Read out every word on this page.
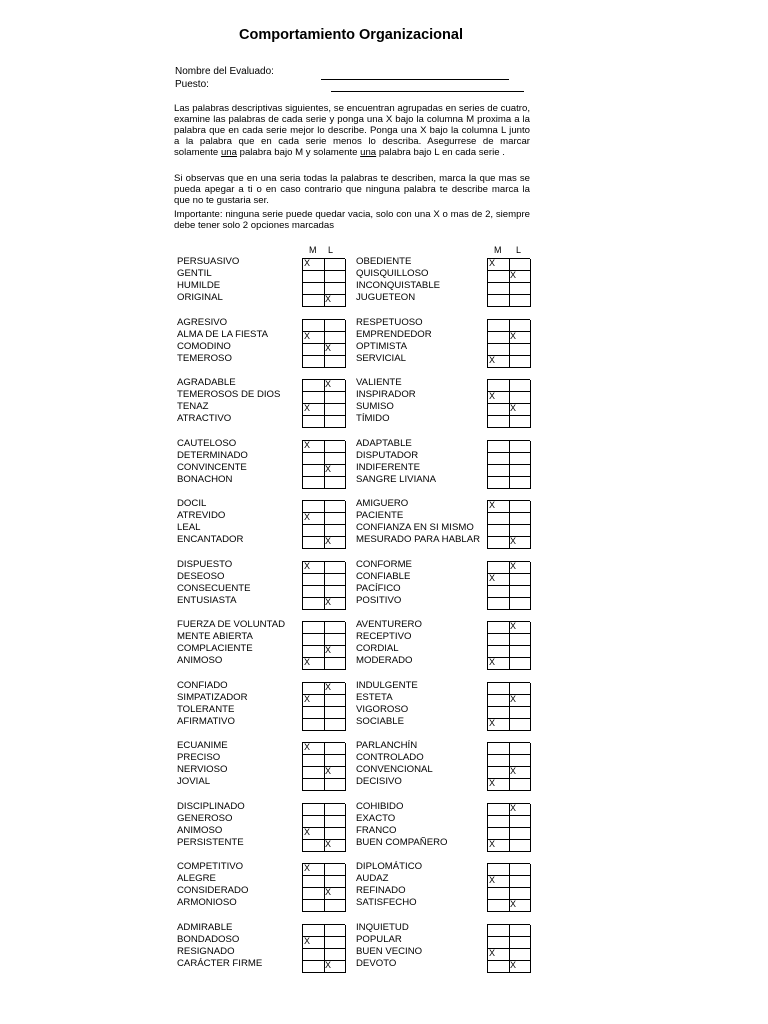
Comportamiento Organizacional
Nombre del Evaluado:
Puesto:

Las palabras descriptivas siguientes, se encuentran agrupadas en series de cuatro, examine las palabras de cada serie y ponga una X bajo la columna M proxima a la palabra que en cada serie mejor lo describe. Ponga una X bajo la columna L junto a la palabra que en cada serie menos lo describa. Asegurrese de marcar solamente una palabra bajo M y solamente una palabra bajo L en cada serie .

Si observas que en una seria todas la palabras te describen, marca la que mas se pueda apegar a ti o en caso contrario que ninguna palabra te describe marca la que no te gustaria ser.

Importante: ninguna serie puede quedar vacia, solo con una X o mas de 2, siempre debe tener solo 2 opciones marcadas

M L	M L
PERSUASIVO
GENTIL
HUMILDE
ORIGINAL
X
X
OBEDIENTE
QUISQUILLOSO
INCONQUISTABLE
JUGUETEON
X
X
AGRESIVO
ALMA DE LA FIESTA
COMODINO
TEMEROSO
X
X
RESPETUOSO
EMPRENDEDOR
OPTIMISTA
SERVICIAL
X
X
AGRADABLE
TEMEROSOS DE DIOS
TENAZ
ATRACTIVO
X
X
VALIENTE
INSPIRADOR
SUMISO
TÍMIDO
X
X
CAUTELOSO
DETERMINADO
CONVINCENTE
BONACHON
X
X
ADAPTABLE
DISPUTADOR
INDIFERENTE
SANGRE LIVIANA
DOCIL
ATREVIDO
LEAL
ENCANTADOR
X
X
AMIGUERO
PACIENTE
CONFIANZA EN SI MISMO
MESURADO PARA HABLAR
X
X
DISPUESTO
DESEOSO
CONSECUENTE
ENTUSIASTA
X
X
CONFORME
CONFIABLE
PACÍFICO
POSITIVO
X
X
FUERZA DE VOLUNTAD
MENTE ABIERTA
COMPLACIENTE
ANIMOSO
X
X
AVENTURERO
RECEPTIVO
CORDIAL
MODERADO
X
X
CONFIADO
SIMPATIZADOR
TOLERANTE
AFIRMATIVO
X
X
INDULGENTE
ESTETA
VIGOROSO
SOCIABLE
X
X
ECUANIME
PRECISO
NERVIOSO
JOVIAL
X
X
PARLANCHÍN
CONTROLADO
CONVENCIONAL
DECISIVO
X
X
DISCIPLINADO
GENEROSO
ANIMOSO
PERSISTENTE
X
X
COHIBIDO
EXACTO
FRANCO
BUEN COMPAÑERO
X
X
COMPETITIVO
ALEGRE
CONSIDERADO
ARMONIOSO
X
X
DIPLOMÁTICO
AUDAZ
REFINADO
SATISFECHO
X
X
ADMIRABLE
BONDADOSO
RESIGNADO
CARÁCTER FIRME
X
X
INQUIETUD
POPULAR
BUEN VECINO
DEVOTO
X
X
